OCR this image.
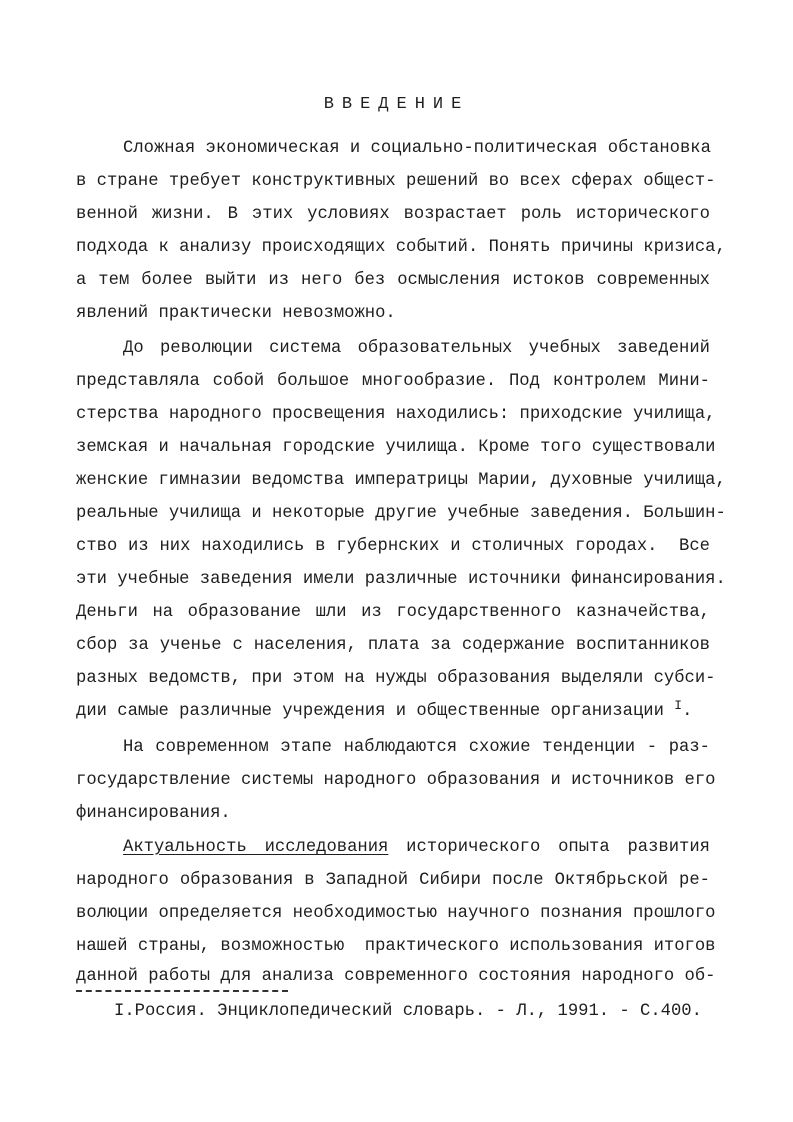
ВВЕДЕНИЕ
Сложная экономическая и социально-политическая обстановка
в стране требует конструктивных решений во всех сферах общест-
венной жизни. В этих условиях возрастает роль исторического
подхода к анализу происходящих событий. Понять причины кризиса,
а тем более выйти из него без осмысления истоков современных
явлений практически невозможно.
До революции система образовательных учебных заведений
представляла собой большое многообразие. Под контролем Мини-
стерства народного просвещения находились: приходские училища,
земская и начальная городские училища. Кроме того существовали
женские гимназии ведомства императрицы Марии, духовные училища,
реальные училища и некоторые другие учебные заведения. Большин-
ство из них находились в губернских и столичных городах.  Все
эти учебные заведения имели различные источники финансирования.
Деньги на образование шли из государственного казначейства,
сбор за ученье с населения, плата за содержание воспитанников
разных ведомств, при этом на нужды образования выделяли субси-
дии самые различные учреждения и общественные организации $^I$.
На современном этапе наблюдаются схожие тенденции - раз-
государствление системы народного образования и источников его
финансирования.
Актуальность исследования исторического опыта развития
народного образования в Западной Сибири после Октябрьской ре-
волюции определяется необходимостью научного познания прошлого
нашей страны, возможностью  практического использования итогов
данной работы для анализа современного состояния народного об-
I.Россия. Энциклопедический словарь. - Л., 1991. - С.400.
